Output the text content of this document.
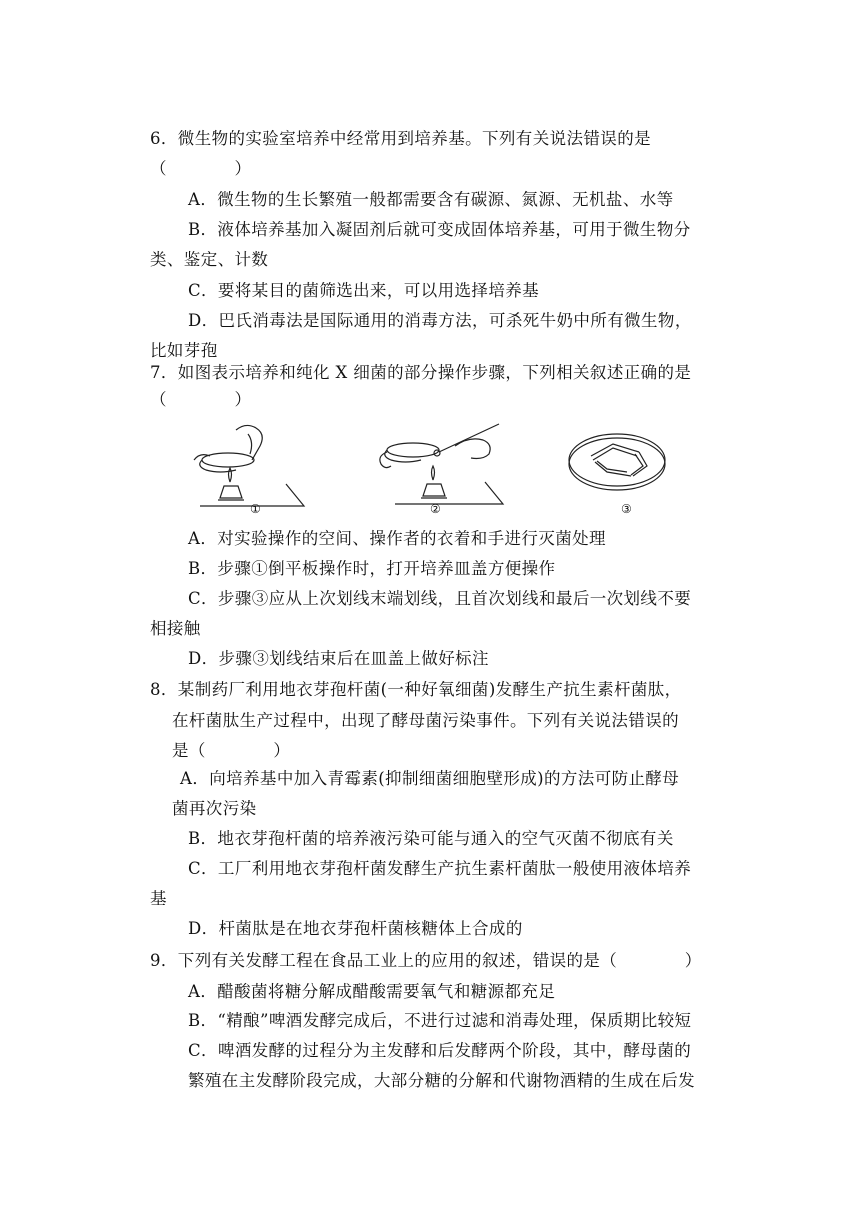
6．微生物的实验室培养中经常用到培养基。下列有关说法错误的是
（　　　　）
A．微生物的生长繁殖一般都需要含有碳源、氮源、无机盐、水等
B．液体培养基加入凝固剂后就可变成固体培养基，可用于微生物分
类、鉴定、计数
C．要将某目的菌筛选出来，可以用选择培养基
D．巴氏消毒法是国际通用的消毒方法，可杀死牛奶中所有微生物，
比如芽孢
7．如图表示培养和纯化 X 细菌的部分操作步骤，下列相关叙述正确的是
（　　　　）
①	②	③
A．对实验操作的空间、操作者的衣着和手进行灭菌处理
B．步骤①倒平板操作时，打开培养皿盖方便操作
C．步骤③应从上次划线末端划线，且首次划线和最后一次划线不要
相接触
D．步骤③划线结束后在皿盖上做好标注
8．某制药厂利用地衣芽孢杆菌(一种好氧细菌)发酵生产抗生素杆菌肽，
在杆菌肽生产过程中，出现了酵母菌污染事件。下列有关说法错误的
是（　　　　）
A．向培养基中加入青霉素(抑制细菌细胞壁形成)的方法可防止酵母
菌再次污染
B．地衣芽孢杆菌的培养液污染可能与通入的空气灭菌不彻底有关
C．工厂利用地衣芽孢杆菌发酵生产抗生素杆菌肽一般使用液体培养
基
D．杆菌肽是在地衣芽孢杆菌核糖体上合成的
9．下列有关发酵工程在食品工业上的应用的叙述，错误的是（　　　　）
A．醋酸菌将糖分解成醋酸需要氧气和糖源都充足
B．“精酿”啤酒发酵完成后，不进行过滤和消毒处理，保质期比较短
C．啤酒发酵的过程分为主发酵和后发酵两个阶段，其中，酵母菌的
繁殖在主发酵阶段完成，大部分糖的分解和代谢物酒精的生成在后发
